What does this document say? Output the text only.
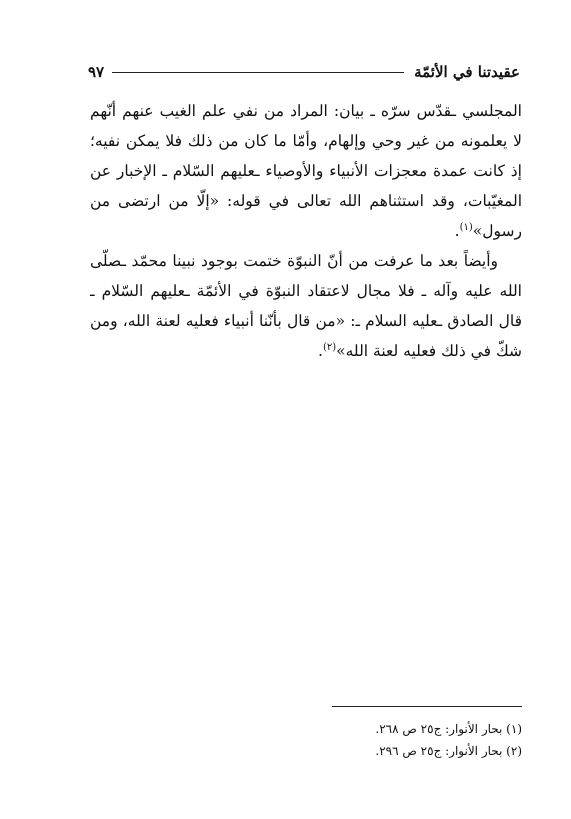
عقيدتنا في الأئمّة
٩٧

المجلسي ـقدّس سرّه ـ بيان: المراد من نفي علم الغيب عنهم أنّهم لا يعلمونه من غير وحي وإلهام، وأمّا ما كان من ذلك فلا يمكن نفيه؛ إذ كانت عمدة معجزات الأنبياء والأوصياء ـعليهم السّلام ـ الإخبار عن المغيّبات، وقد استثناهم الله تعالى في قوله: «إلّا من ارتضى من رسول»$^{(١)}$.

وأيضاً بعد ما عرفت من أنّ النبوّة ختمت بوجود نبينا محمّد ـصلّى الله عليه وآله ـ فلا مجال لاعتقاد النبوّة في الأئمّة ـعليهم السّلام ـ قال الصادق ـعليه السلام ـ: «من قال بأنّنا أنبياء فعليه لعنة الله، ومن شكّ في ذلك فعليه لعنة الله»$^{(٢)}$.

(١) بحار الأنوار: ج٢٥ ص ٢٦٨.
(٢) بحار الأنوار: ج٢٥ ص ٢٩٦.
